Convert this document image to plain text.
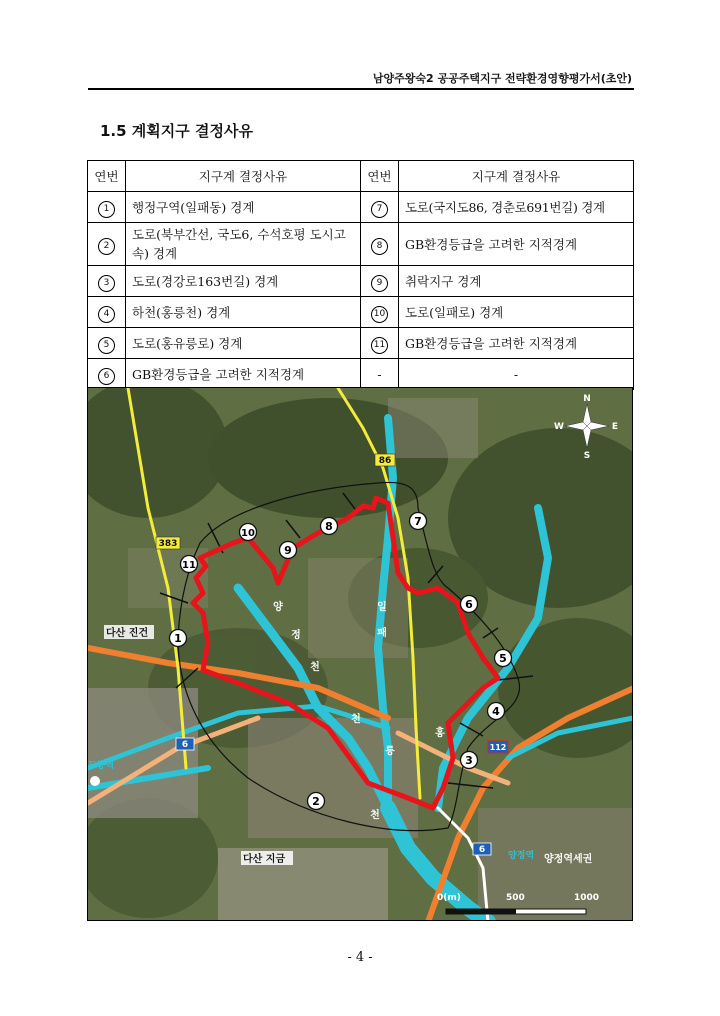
남양주왕숙2 공공주택지구 전략환경영향평가서(초안)
1.5 계획지구 결정사유
연번	지구계 결정사유	연번	지구계 결정사유
1	행정구역(일패동) 경계	7	도로(국지도86, 경춘로691번길) 경계
2	도로(북부간선, 국도6, 수석호평 도시고속) 경계	8	GB환경등급을 고려한 지적경계
3	도로(경강로163번길) 경계	9	취락지구 경계
4	하천(홍릉천) 경계	10	도로(일패로) 경계
5	도로(홍유릉로) 경계	11	GB환경등급을 고려한 지적경계
6	GB환경등급을 고려한 지적경계	-	-
양
정
천
일
패
천
홍
릉
천
1
2
3
4
5
6
7
8
9
10
11
86
383
6
6
112
다산 진건
도농역
다산 지금	양정역 양정역세권
N
S
W	E
0(m)	500	1000
- 4 -
